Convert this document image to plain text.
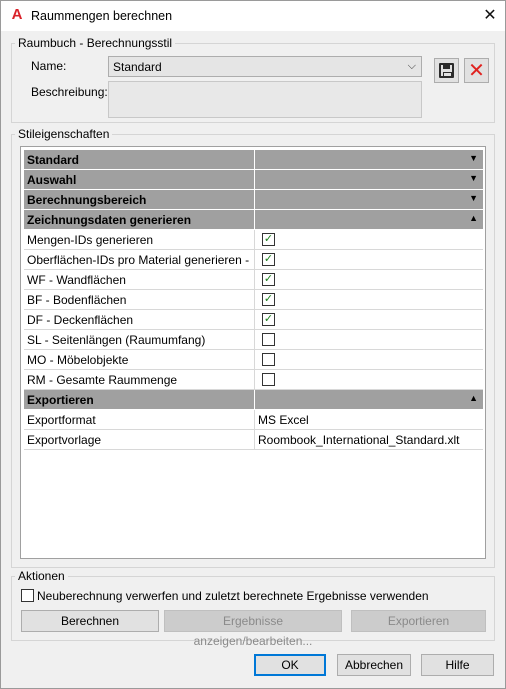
A Raummengen berechnen	✕
Raumbuch - Berechnungsstil
Name:	Standard	⌵
Beschreibung:
✕
Stileigenschaften
Standard	▼
Auswahl	▼
Berechnungsbereich	▼
Zeichnungsdaten generieren	▲
Mengen-IDs generieren	✓
Oberflächen-IDs pro Material generieren -	✓
WF - Wandflächen	✓
BF - Bodenflächen	✓
DF - Deckenflächen	✓
SL - Seitenlängen (Raumumfang)
MO - Möbelobjekte
RM - Gesamte Raummenge
Exportieren	▲
Exportformat	MS Excel
Exportvorlage	Roombook_International_Standard.xlt
Aktionen
Neuberechnung verwerfen und zuletzt berechnete Ergebnisse verwenden
Berechnen	Ergebnisse anzeigen/bearbeiten...
Exportieren
OK	Abbrechen	Hilfe
